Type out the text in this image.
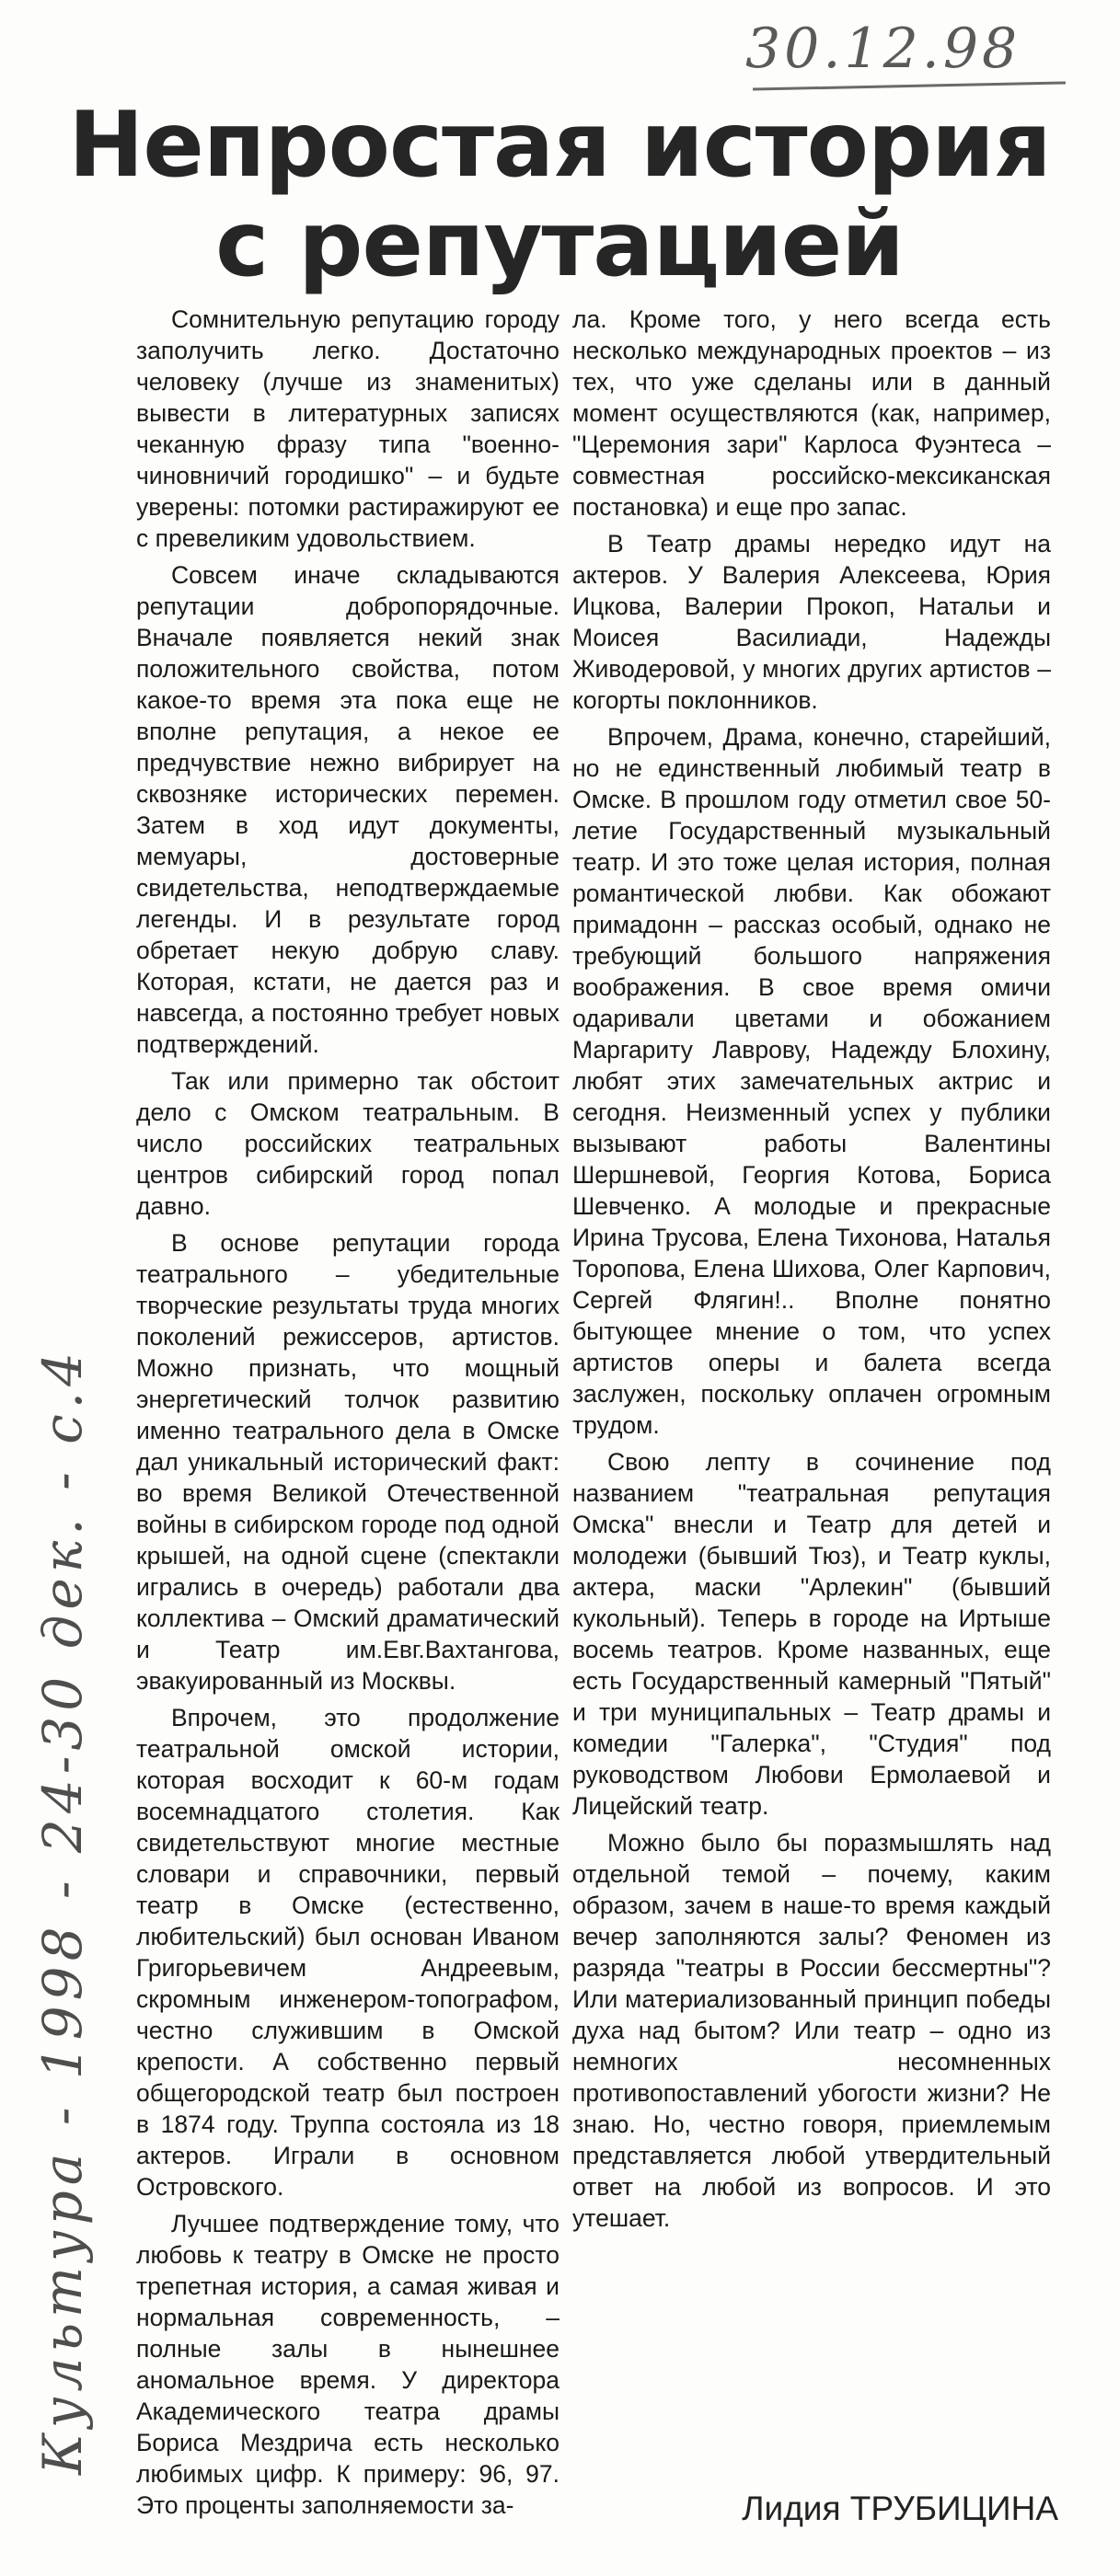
30.12.98
Непростая история
с репутацией
Культура - 1998 - 24-30 дек. - с.4

Сомнительную репутацию городу заполучить легко. Достаточно человеку (лучше из знаменитых) вывести в литературных записях чеканную фразу типа "военно-чиновничий городишко" – и будьте уверены: потомки растиражируют ее с превеликим удовольствием.

Совсем иначе складываются репутации добропорядочные. Вначале появляется некий знак положительного свойства, потом какое-то время эта пока еще не вполне репутация, а некое ее предчувствие нежно вибрирует на сквозняке исторических перемен. Затем в ход идут документы, мемуары, достоверные свидетельства, неподтверждаемые легенды. И в результате город обретает некую добрую славу. Которая, кстати, не дается раз и навсегда, а постоянно требует новых подтверждений.

Так или примерно так обстоит дело с Омском театральным. В число российских театральных центров сибирский город попал давно.

В основе репутации города театрального – убедительные творческие результаты труда многих поколений режиссеров, артистов. Можно признать, что мощный энергетический толчок развитию именно театрального дела в Омске дал уникальный исторический факт: во время Великой Отечественной войны в сибирском городе под одной крышей, на одной сцене (спектакли игрались в очередь) работали два коллектива – Омский драматический и Театр им.Евг.Вахтангова, эвакуированный из Москвы.

Впрочем, это продолжение театральной омской истории, которая восходит к 60-м годам восемнадцатого столетия. Как свидетельствуют многие местные словари и справочники, первый театр в Омске (естественно, любительский) был основан Иваном Григорьевичем Андреевым, скромным инженером-топографом, честно служившим в Омской крепости. А собственно первый общегородской театр был построен в 1874 году. Труппа состояла из 18 актеров. Играли в основном Островского.

Лучшее подтверждение тому, что любовь к театру в Омске не просто трепетная история, а самая живая и нормальная современность, – полные залы в нынешнее аномальное время. У директора Академического театра драмы Бориса Мездрича есть несколько любимых цифр. К примеру: 96, 97. Это проценты заполняемости за-

ла. Кроме того, у него всегда есть несколько международных проектов – из тех, что уже сделаны или в данный момент осуществляются (как, например, "Церемония зари" Карлоса Фуэнтеса – совместная российско-мексиканская постановка) и еще про запас.

В Театр драмы нередко идут на актеров. У Валерия Алексеева, Юрия Ицкова, Валерии Прокоп, Натальи и Моисея Василиади, Надежды Живодеровой, у многих других артистов – когорты поклонников.

Впрочем, Драма, конечно, старейший, но не единственный любимый театр в Омске. В прошлом году отметил свое 50-летие Государственный музыкальный театр. И это тоже целая история, полная романтической любви. Как обожают примадонн – рассказ особый, однако не требующий большого напряжения воображения. В свое время омичи одаривали цветами и обожанием Маргариту Лаврову, Надежду Блохину, любят этих замечательных актрис и сегодня. Неизменный успех у публики вызывают работы Валентины Шершневой, Георгия Котова, Бориса Шевченко. А молодые и прекрасные Ирина Трусова, Елена Тихонова, Наталья Торопова, Елена Шихова, Олег Карпович, Сергей Флягин!.. Вполне понятно бытующее мнение о том, что успех артистов оперы и балета всегда заслужен, поскольку оплачен огромным трудом.

Свою лепту в сочинение под названием "театральная репутация Омска" внесли и Театр для детей и молодежи (бывший Тюз), и Театр куклы, актера, маски "Арлекин" (бывший кукольный). Теперь в городе на Иртыше восемь театров. Кроме названных, еще есть Государственный камерный "Пятый" и три муниципальных – Театр драмы и комедии "Галерка", "Студия" под руководством Любови Ермолаевой и Лицейский театр.

Можно было бы поразмышлять над отдельной темой – почему, каким образом, зачем в наше-то время каждый вечер заполняются залы? Феномен из разряда "театры в России бессмертны"? Или материализованный принцип победы духа над бытом? Или театр – одно из немногих несомненных противопоставлений убогости жизни? Не знаю. Но, честно говоря, приемлемым представляется любой утвердительный ответ на любой из вопросов. И это утешает.

Лидия ТРУБИЦИНА
